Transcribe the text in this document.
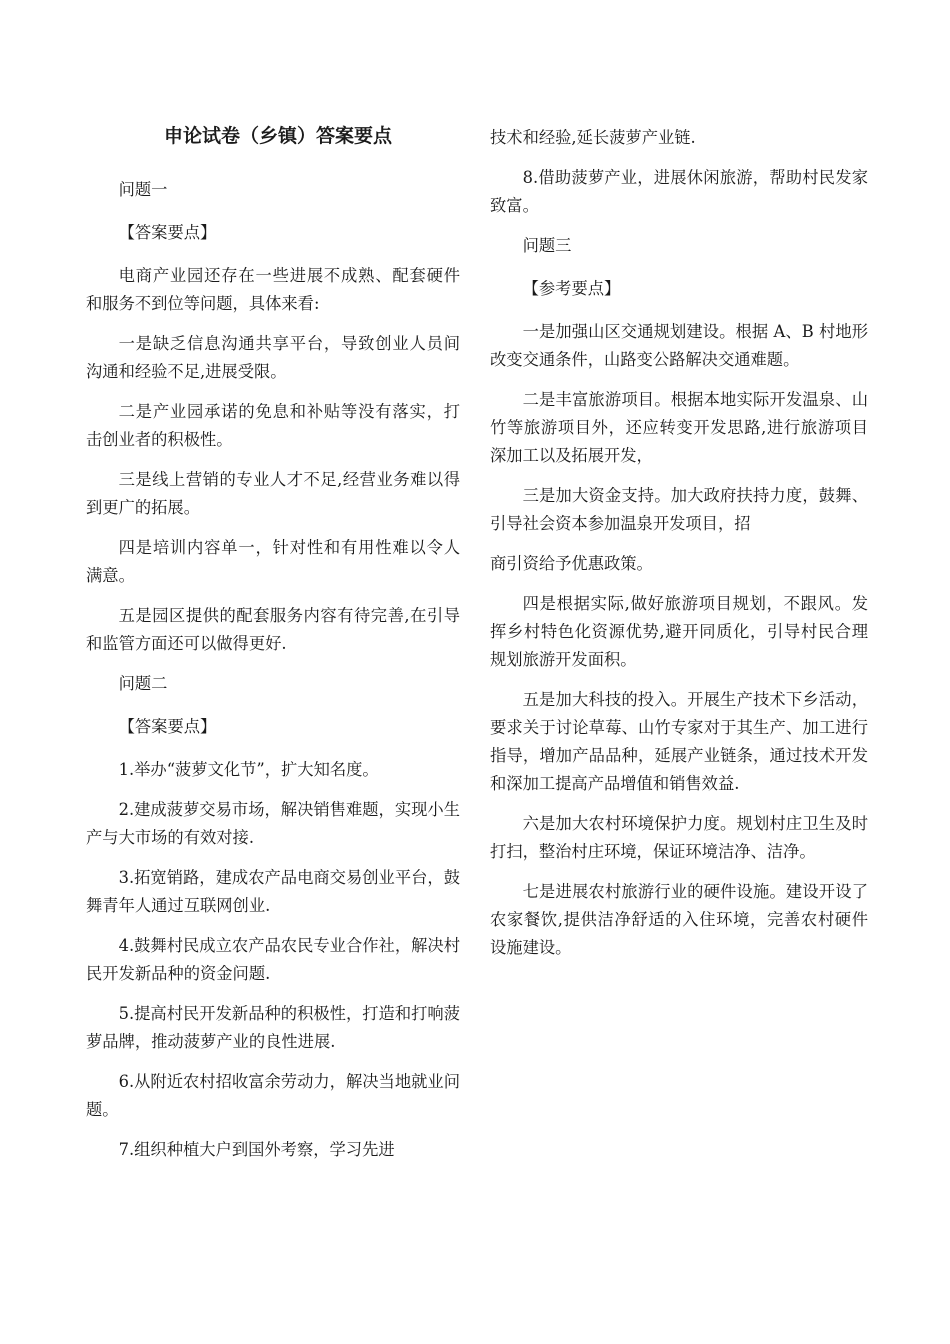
申论试卷（乡镇）答案要点
问题一
【答案要点】

电商产业园还存在一些进展不成熟、配套硬件和服务不到位等问题，具体来看:

一是缺乏信息沟通共享平台，导致创业人员间沟通和经验不足,进展受限。

二是产业园承诺的免息和补贴等没有落实，打击创业者的积极性。

三是线上营销的专业人才不足,经营业务难以得到更广的拓展。

四是培训内容单一，针对性和有用性难以令人满意。

五是园区提供的配套服务内容有待完善,在引导和监管方面还可以做得更好.

问题二
【答案要点】

1.举办“菠萝文化节”，扩大知名度。

2.建成菠萝交易市场，解决销售难题，实现小生产与大市场的有效对接.

3.拓宽销路，建成农产品电商交易创业平台，鼓舞青年人通过互联网创业.

4.鼓舞村民成立农产品农民专业合作社，解决村民开发新品种的资金问题.

5.提高村民开发新品种的积极性，打造和打响菠萝品牌，推动菠萝产业的良性进展.

6.从附近农村招收富余劳动力，解决当地就业问题。

7.组织种植大户到国外考察，学习先进

技术和经验,延长菠萝产业链.

8.借助菠萝产业，进展休闲旅游，帮助村民发家致富。

问题三
【参考要点】

一是加强山区交通规划建设。根据 A、B 村地形改变交通条件，山路变公路解决交通难题。

二是丰富旅游项目。根据本地实际开发温泉、山竹等旅游项目外，还应转变开发思路,进行旅游项目深加工以及拓展开发，

三是加大资金支持。加大政府扶持力度，鼓舞、引导社会资本参加温泉开发项目，招

商引资给予优惠政策。

四是根据实际,做好旅游项目规划，不跟风。发挥乡村特色化资源优势,避开同质化，引导村民合理规划旅游开发面积。

五是加大科技的投入。开展生产技术下乡活动，要求关于讨论草莓、山竹专家对于其生产、加工进行指导，增加产品品种，延展产业链条，通过技术开发和深加工提高产品增值和销售效益.

六是加大农村环境保护力度。规划村庄卫生及时打扫，整治村庄环境，保证环境洁净、洁净。

七是进展农村旅游行业的硬件设施。建设开设了农家餐饮,提供洁净舒适的入住环境，完善农村硬件设施建设。
